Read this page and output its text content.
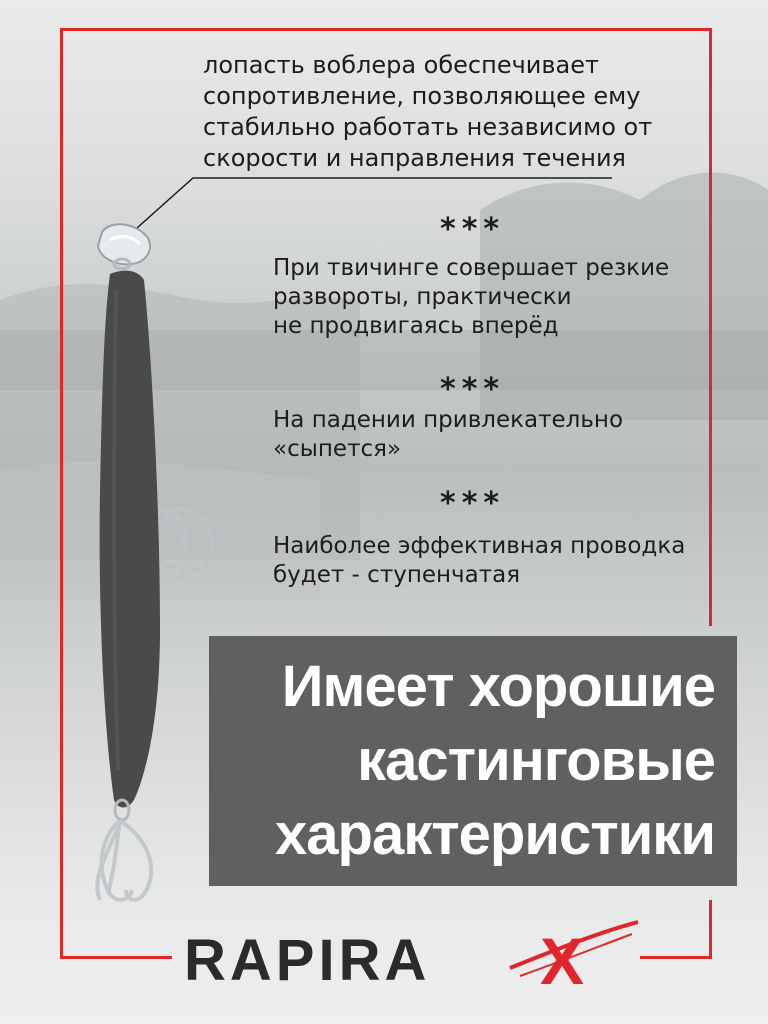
лопасть воблера обеспечивает
сопротивление, позволяющее ему
стабильно работать независимо от
скорости и направления течения
***
***
***
При твичинге совершает резкие
развороты, практически
не продвигаясь вперёд
На падении привлекательно
«сыпется»
Наиболее эффективная проводка
будет - ступенчатая
Имеет хорошие
кастинговые
характеристики
RAPIRA X
